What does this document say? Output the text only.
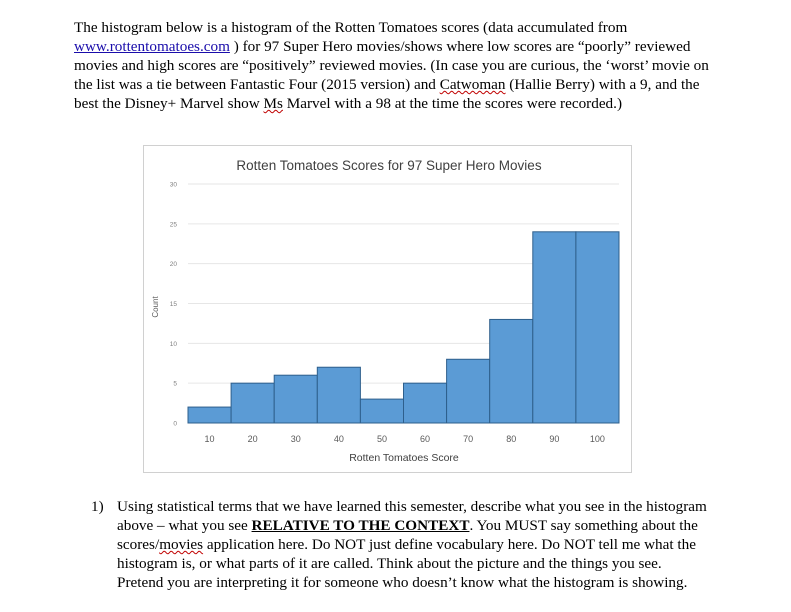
The histogram below is a histogram of the Rotten Tomatoes scores (data accumulated from www.rottentomatoes.com ) for 97 Super Hero movies/shows where low scores are “poorly” reviewed movies and high scores are “positively” reviewed movies. (In case you are curious, the ‘worst’ movie on the list was a tie between Fantastic Four (2015 version) and Catwoman (Hallie Berry) with a 9, and the best the Disney+ Marvel show Ms Marvel with a 98 at the time the scores were recorded.)
0
5
10
15
20
25
30
10	20	30	40	50	60	70	80	90	100
Rotten Tomatoes Scores for 97 Super Hero Movies
Rotten Tomatoes Score
Count
1) Using statistical terms that we have learned this semester, describe what you see in the histogram above – what you see RELATIVE TO THE CONTEXT. You MUST say something about the scores/movies application here. Do NOT just define vocabulary here. Do NOT tell me what the histogram is, or what parts of it are called. Think about the picture and the things you see. Pretend you are interpreting it for someone who doesn’t know what the histogram is showing.
